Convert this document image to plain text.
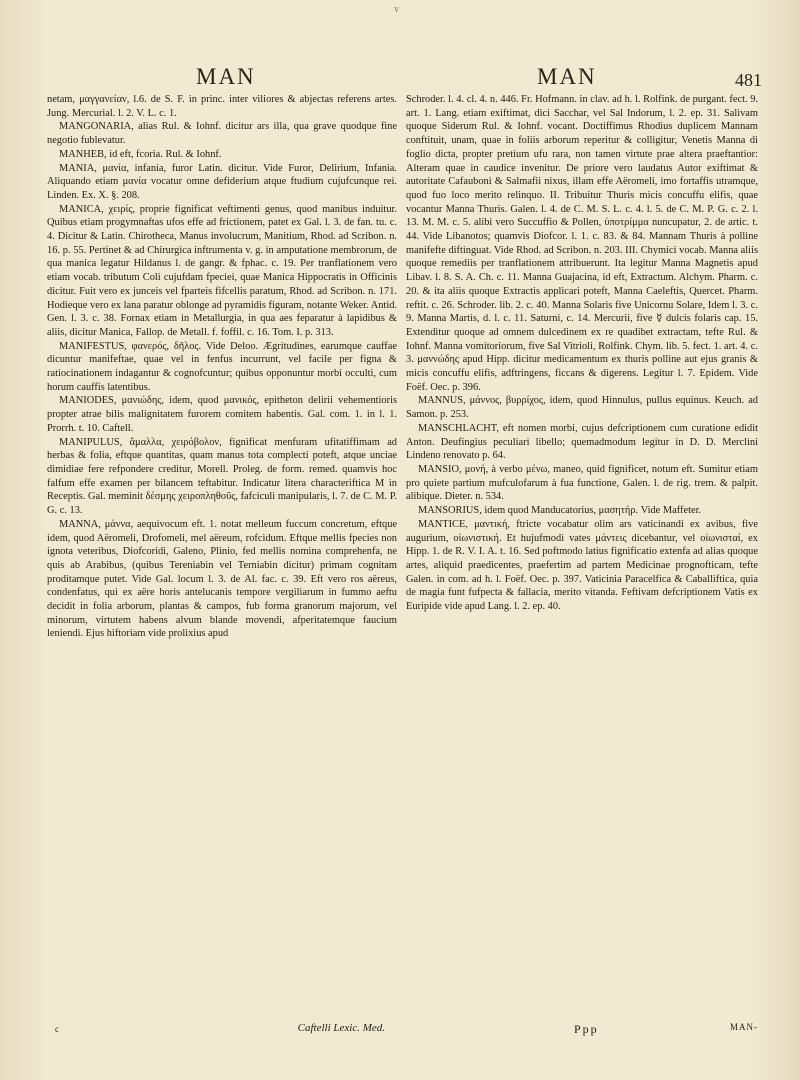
v
MAN	MAN	481

netam, μαγγανείαν, l.6. de S. F. in princ. inter viliores & abjectas referens artes. Jung. Mercurial. l. 2. V. L. c. 1.

MANGONARIA, alias Rul. & Iohnf. dicitur ars illa, qua grave quodque fine negotio fublevatur.

MANHEB, id eft, fcoria. Rul. & Iohnf.

MANIA, μανία, infania, furor Latin. dicitur. Vide Furor, Delirium, Infania. Aliquando etiam μανία vocatur omne defiderium atque ftudium cujufcunque rei. Linden. Ex. X. §. 208.

MANICA, χειρίς, proprie fignificat veftimenti genus, quod manibus induitur. Quibus etiam progymnaftas ufos effe ad frictionem, patet ex Gal. l. 3. de fan. tu. c. 4. Dicitur & Latin. Chirotheca, Manus involucrum, Manitium, Rhod. ad Scribon. n. 16. p. 55. Pertinet & ad Chirurgica inftrumenta v. g. in amputatione membrorum, de qua manica legatur Hildanus l. de gangr. & fphac. c. 19. Per tranflationem vero etiam vocab. tributum Coli cujufdam fpeciei, quae Manica Hippocratis in Officinis dicitur. Fuit vero ex junceis vel fparteis fifcellis paratum, Rhod. ad Scribon. n. 171. Hodieque vero ex lana paratur oblonge ad pyramidis figuram, notante Weker. Antid. Gen. l. 3. c. 38. Fornax etiam in Metallurgia, in qua aes feparatur à lapidibus & aliis, dicitur Manica, Fallop. de Metall. f. foffil. c. 16. Tom. I. p. 313.

MANIFESTUS, φανερός, δῆλος. Vide Deloo. Ægritudines, earumque cauffae dicuntur manifeftae, quae vel in fenfus incurrunt, vel facile per figna & ratiocinationem indagantur & cognofcuntur; quibus opponuntur morbi occulti, cum horum cauffis latentibus.

MANIODES, μανιώδης, idem, quod μανικός, epitheton delirii vehementioris propter atrae bilis malignitatem furorem comitem habentis. Gal. com. 1. in l. 1. Prorrh. t. 10. Caftell.

MANIPULUS, ἄμαλλα, χειρόβολον, fignificat menfuram ufitatiffimam ad herbas & folia, eftque quantitas, quam manus tota complecti poteft, atque unciae dimidiae fere refpondere creditur, Morell. Proleg. de form. remed. quamvis hoc falfum effe examen per bilancem teftabitur. Indicatur litera characteriftica M in Receptis. Gal. meminit δέσμης χειροπληθοῦς, fafciculi manipularis, l. 7. de C. M. P. G. c. 13.

MANNA, μάννα, aequivocum eft. 1. notat melleum fuccum concretum, eftque idem, quod Aëromeli, Drofomeli, mel aëreum, rofcidum. Eftque mellis fpecies non ignota veteribus, Diofcoridi, Galeno, Plinio, fed mellis nomina comprehenfa, ne quis ab Arabibus, (quibus Tereniabin vel Terniabin dicitur) primam cognitam proditamque putet. Vide Gal. locum l. 3. de Al. fac. c. 39. Eft vero ros aëreus, condenfatus, qui ex aëre horis antelucanis tempore vergiliarum in fummo aeftu decidit in folia arborum, plantas & campos, fub forma granorum majorum, vel minorum, virtutem habens alvum blande movendi, afperitatemque faucium leniendi. Ejus hiftoriam vide prolixius apud

Schroder. l. 4. cl. 4. n. 446. Fr. Hofmann. in clav. ad h. l. Rolfink. de purgant. fect. 9. art. 1. Lang. etiam exiftimat, dici Sacchar, vel Sal Indorum, l. 2. ep. 31. Salivam quoque Siderum Rul. & Iohnf. vocant. Doctiffimus Rhodius duplicem Mannam conftituit, unam, quae in foliis arborum reperitur & colligitur, Venetis Manna di foglio dicta, propter pretium ufu rara, non tamen virtute prae altera praeftantior: Alteram quae in caudice invenitur. De priore vero laudatus Autor exiftimat & autoritate Cafauboni & Salmafii nixus, illam effe Aëromeli, imo fortaffis utramque, quod fuo loco merito relinquo. II. Tribuitur Thuris micis concuffu elifis, quae vocantur Manna Thuris. Galen. l. 4. de C. M. S. L. c. 4. l. 5. de C. M. P. G. c. 2. l. 13. M. M. c. 5. alibi vero Succuffio & Pollen, ὑποτρίμμα nuncupatur, 2. de artic. t. 44. Vide Libanotos; quamvis Diofcor. l. 1. c. 83. & 84. Mannam Thuris à polline manifefte diftinguat. Vide Rhod. ad Scribon. n. 203. III. Chymici vocab. Manna aliis quoque remediis per tranflationem attribuerunt. Ita legitur Manna Magnetis apud Libav. l. 8. S. A. Ch. c. 11. Manna Guajacina, id eft, Extractum. Alchym. Pharm. c. 20. & ita aliis quoque Extractis applicari poteft, Manna Caeleftis, Quercet. Pharm. reftit. c. 26. Schroder. lib. 2. c. 40. Manna Solaris five Unicornu Solare, Idem l. 3. c. 9. Manna Martis, d. l. c. 11. Saturni, c. 14. Mercurii, five ☿ dulcis folaris cap. 15. Extenditur quoque ad omnem dulcedinem ex re quadibet extractam, tefte Rul. & Iohnf. Manna vomitoriorum, five Sal Vitrioli, Rolfink. Chym. lib. 5. fect. 1. art. 4. c. 3. μαννώδης apud Hipp. dicitur medicamentum ex thuris polline aut ejus granis & micis concuffu elifis, adftringens, ficcans & digerens. Legitur l. 7. Epidem. Vide Foëf. Oec. p. 396.

MANNUS, μάννος, βυρρίχος, idem, quod Hinnulus, pullus equinus. Keuch. ad Samon. p. 253.

MANSCHLACHT, eft nomen morbi, cujus defcriptionem cum curatione edidit Anton. Deufingius peculiari libello; quemadmodum legitur in D. D. Merclini Lindeno renovato p. 64.

MANSIO, μονή, à verbo μένω, maneo, quid fignificet, notum eft. Sumitur etiam pro quiete partium mufculofarum à fua functione, Galen. l. de rig. trem. & palpit. alibique. Dieter. n. 534.

MANSORIUS, idem quod Manducatorius, μασητήρ. Vide Maffeter.

MANTICE, μαντική, ftricte vocabatur olim ars vaticinandi ex avibus, five augurium, οἰωνιστική. Et hujufmodi vates μάντεις dicebantur, vel οἰωνισταί, ex Hipp. 1. de R. V. I. A. t. 16. Sed poftmodo latius fignificatio extenfa ad alias quoque artes, aliquid praedicentes, praefertim ad partem Medicinae prognofticam, tefte Galen. in com. ad h. l. Foëf. Oec. p. 397. Vaticinia Paracelfica & Caballiftica, quia de magia funt fufpecta & fallacia, merito vitanda. Feftivam defcriptionem Vatis ex Euripide vide apud Lang. l. 2. ep. 40.

c	Caftelli Lexic. Med.	Ppp	MAN-
